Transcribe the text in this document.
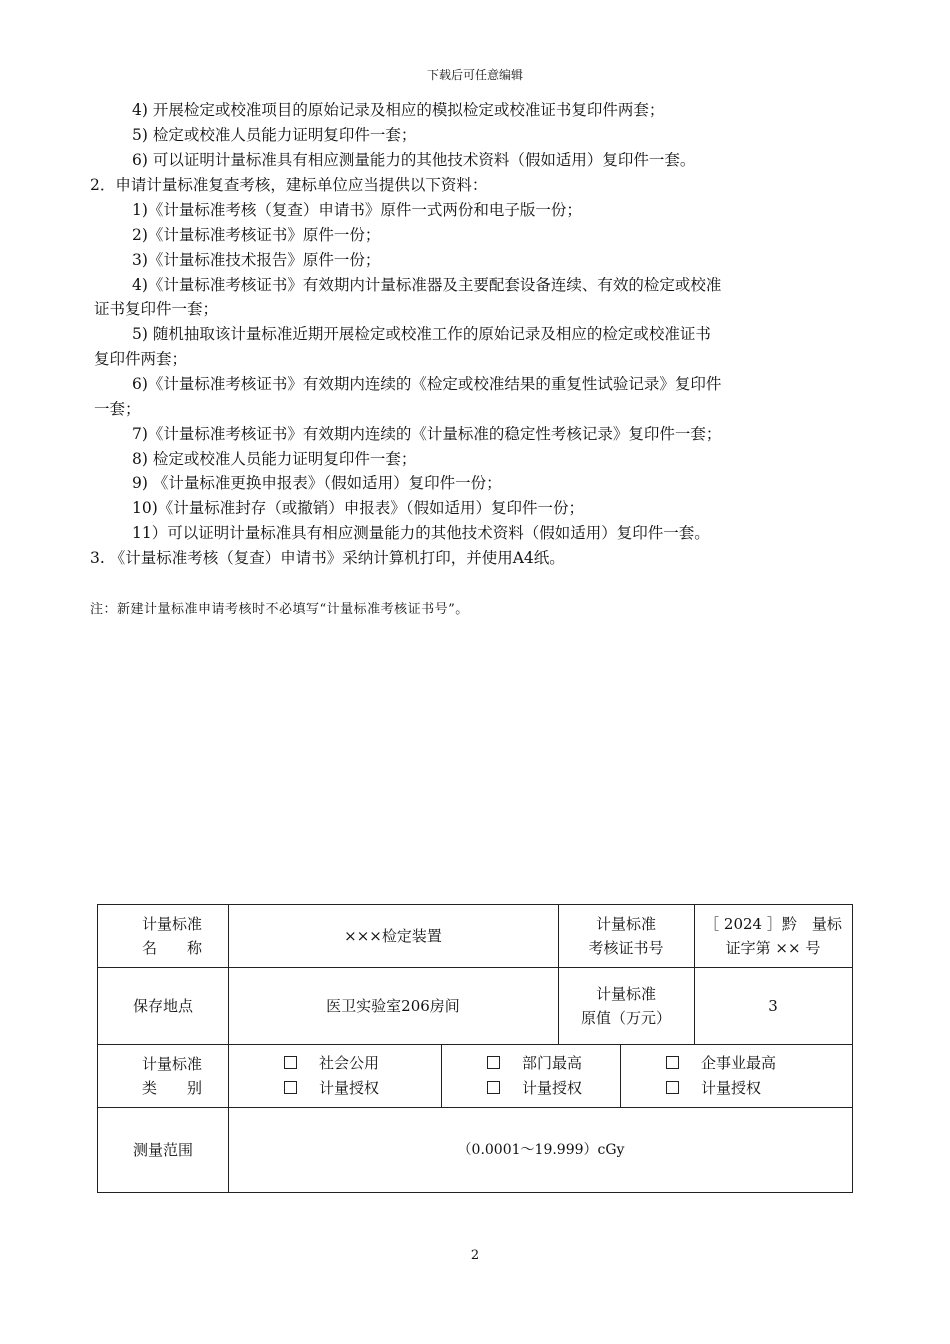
下载后可任意编辑
4) 开展检定或校准项目的原始记录及相应的模拟检定或校准证书复印件两套；
5) 检定或校准人员能力证明复印件一套；
6) 可以证明计量标准具有相应测量能力的其他技术资料（假如适用）复印件一套。
2．申请计量标准复查考核，建标单位应当提供以下资料：
1)《计量标准考核（复查）申请书》原件一式两份和电子版一份；
2)《计量标准考核证书》原件一份；
3)《计量标准技术报告》原件一份；
4)《计量标准考核证书》有效期内计量标准器及主要配套设备连续、有效的检定或校准
证书复印件一套；
5) 随机抽取该计量标准近期开展检定或校准工作的原始记录及相应的检定或校准证书
复印件两套；
6)《计量标准考核证书》有效期内连续的《检定或校准结果的重复性试验记录》复印件
一套；
7)《计量标准考核证书》有效期内连续的《计量标准的稳定性考核记录》复印件一套；
8) 检定或校准人员能力证明复印件一套；
9) 《计量标准更换申报表》（假如适用）复印件一份；
10)《计量标准封存（或撤销）申报表》（假如适用）复印件一份；
11）可以证明计量标准具有相应测量能力的其他技术资料（假如适用）复印件一套。
3. 《计量标准考核（复查）申请书》采纳计算机打印，并使用A4纸。
注：新建计量标准申请考核时不必填写“计量标准考核证书号”。
计量标准
名　　称
×××检定装置
计量标准
考核证书号
［ 2024 ］黔　量标
证字第 ×× 号
保存地点	医卫实验室206房间
计量标准
原值（万元）
3
计量标准
类　　别
社会公用
计量授权
部门最高
计量授权
企事业最高
计量授权
测量范围	（0.0001～19.999）cGy
2
